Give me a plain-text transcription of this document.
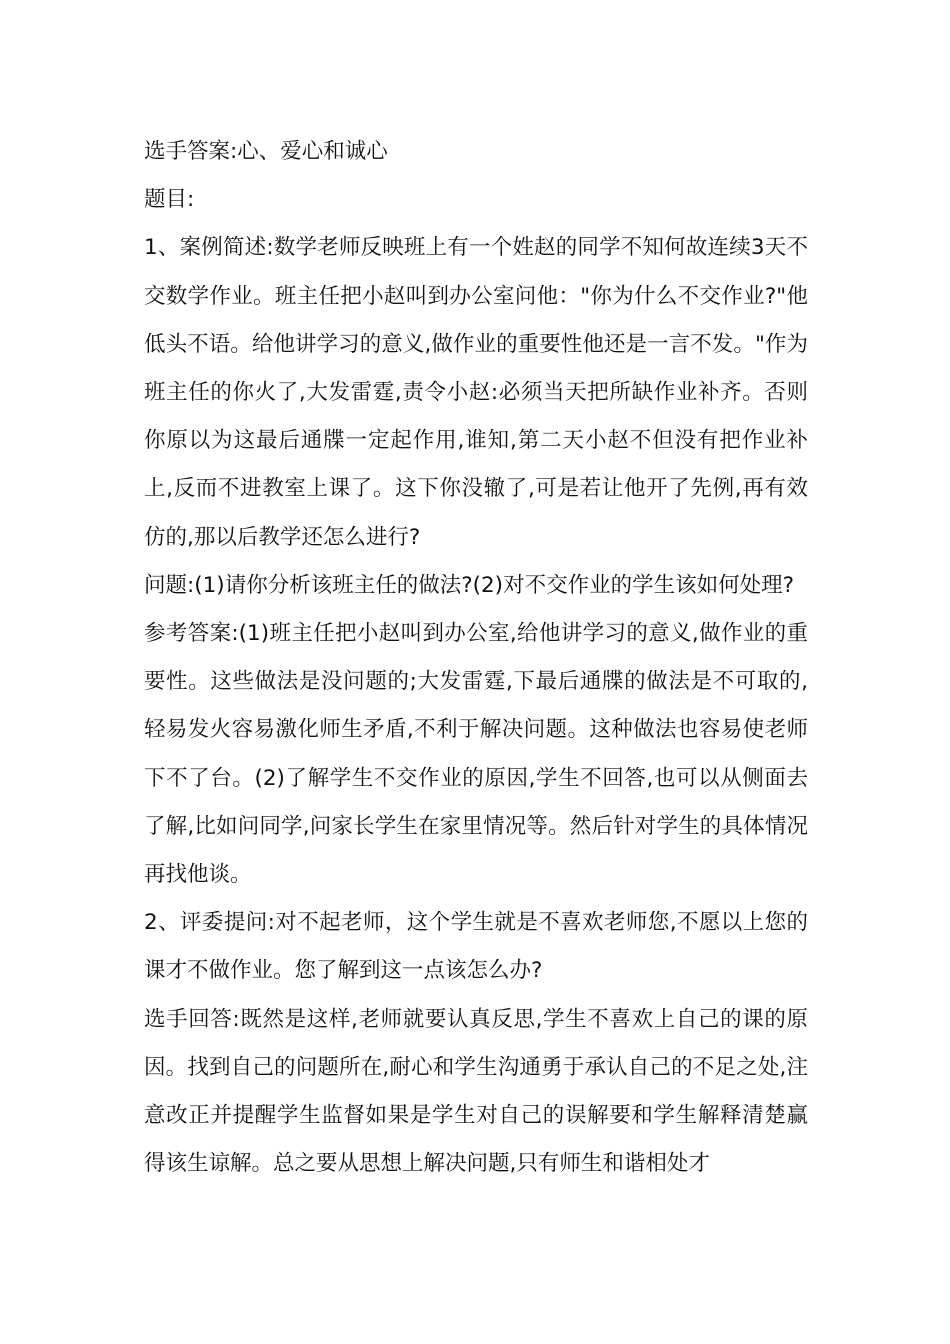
选手答案:心、爱心和诚心

题目:

1、案例简述:数学老师反映班上有一个姓赵的同学不知何故连续3天不交数学作业。班主任把小赵叫到办公室问他："你为什么不交作业?"他低头不语。给他讲学习的意义,做作业的重要性他还是一言不发。"作为班主任的你火了,大发雷霆,责令小赵:必须当天把所缺作业补齐。否则你原以为这最后通牒一定起作用,谁知,第二天小赵不但没有把作业补上,反而不进教室上课了。这下你没辙了,可是若让他开了先例,再有效仿的,那以后教学还怎么进行?

问题:(1)请你分析该班主任的做法?(2)对不交作业的学生该如何处理?

参考答案:(1)班主任把小赵叫到办公室,给他讲学习的意义,做作业的重要性。这些做法是没问题的;大发雷霆,下最后通牒的做法是不可取的,轻易发火容易激化师生矛盾,不利于解决问题。这种做法也容易使老师下不了台。(2)了解学生不交作业的原因,学生不回答,也可以从侧面去了解,比如问同学,问家长学生在家里情况等。然后针对学生的具体情况再找他谈。

2、评委提问:对不起老师，这个学生就是不喜欢老师您,不愿以上您的课才不做作业。您了解到这一点该怎么办?

选手回答:既然是这样,老师就要认真反思,学生不喜欢上自己的课的原因。找到自己的问题所在,耐心和学生沟通勇于承认自己的不足之处,注意改正并提醒学生监督如果是学生对自己的误解要和学生解释清楚赢得该生谅解。总之要从思想上解决问题,只有师生和谐相处才
